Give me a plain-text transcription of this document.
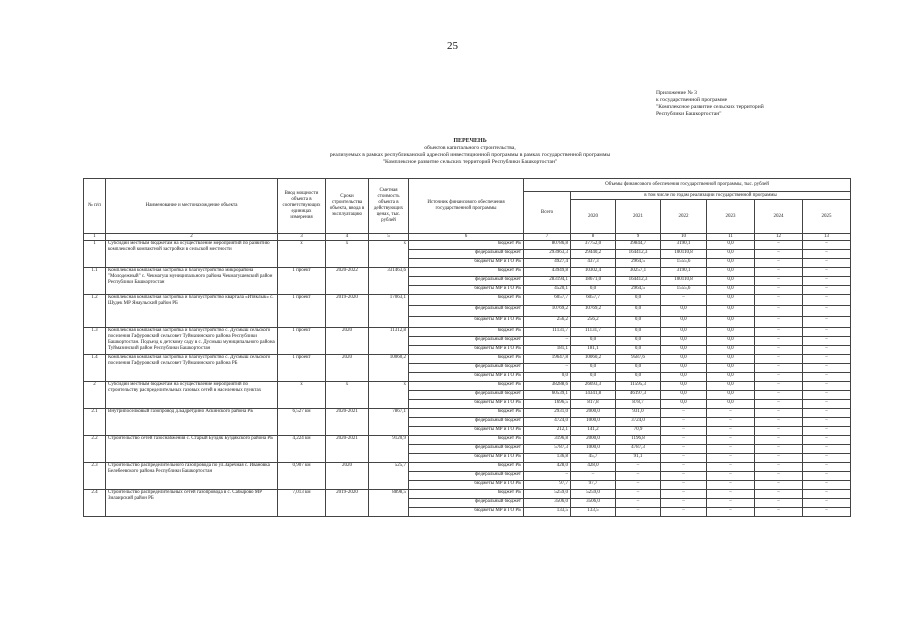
25
Приложение № 3
к государственной программе
"Комплексное развитие сельских территорий
Республики Башкортостан"
ПЕРЕЧЕНЬ
объектов капитального строительства,
реализуемых в рамках республиканской адресной инвестиционной программы в рамках государственной программы
"Комплексное развитие сельских территорий Республики Башкортостан"
№ п/п	Наименование и местонахождение объекта	Ввод мощности объекта в соответствующих единицах измерения	Сроки строительства объекта, ввода в эксплуатацию	Сметная стоимость объекта в действующих ценах, тыс. рублей	Источник финансового обеспечения государственной программы	Объемы финансового обеспечения государственной программы, тыс. рублей						
						Всего	в том числе по годам реализации государственной программы					
							2020	2021	2022	2023	2024	2025
1	2	3	4	5	6	7	8	9	10	11	12	13
1	Субсидии местным бюджетам на осуществление мероприятий по развитию комплексной компактной застройки в сельской местности	х	х	х	бюджет РБ	80786,8	37752,0	39844,7	3190,1	0,0	–	–
					федеральный бюджет	293963,3	29440,2	164412,3	100110,8	0,0	–	–
					бюджеты МР и ГО РБ	4927,4	437,3	2964,5	1555,6	0,0	–	–
1.1	Комплексная компактная застройка и благоустройство микрорайона "Молодежный" с. Чекмагуш муниципального района Чекмагушевский район Республики Башкортостан	1 проект	2020-2022	331463,6	бюджет РБ	43949,8	10302,4	30257,1	3190,1	0,0	–	–
					федеральный бюджет	283194,1	18671,0	164412,3	100110,8	0,0	–	–
					бюджеты МР и ГО РБ	4520,1	0,0	2964,5	1555,6	0,0	–	–
1.2	Комплексная компактная застройка и благоустройство квартала «Итяклык» с. Шудек МР Янаульский район РБ	1 проект	2019-2020	17063,1	бюджет РБ	6057,7	6057,7	0,0	–	0,0	–	–
					федеральный бюджет	10769,2	10769,2	0,0	0,0	0,0	–	–
					бюджеты МР и ГО РБ	256,2	256,2	0,0	0,0	0,0	–	–
1.3	Комплексная компактная застройка и благоустройство с. Дусмыш сельского поселения Гафуровский сельсовет Туймазинского района Республики Башкортостан. Подъезд к детскому саду в с. Дусмыш муниципального района Туймазинский район Республики Башкортостан	1 проект	2020	11312,8	бюджет РБ	11131,7	11131,7	0,0	0,0	0,0	–	–
					федеральный бюджет	–	0,0	0,0	0,0	0,0	–	–
					бюджеты МР и ГО РБ	181,1	181,1	0,0	0,0	0,0	–	–
1.4	Комплексная компактная застройка и благоустройство с. Дусмыш сельского поселения Гафуровский сельсовет Туймазинского района РБ	1 проект	2020	10060,2	бюджет РБ	19647,8	10060,2	9587,6	0,0	0,0	–	–
					федеральный бюджет	–	0,0	0,0	0,0	0,0	–	–
					бюджеты МР и ГО РБ	0,0	0,0	0,0	0,0	0,0	–	–
2	Субсидии местным бюджетам на осуществление мероприятий по строительству распределительных газовых сетей в населенных пунктах	х	х	х	бюджет РБ	38288,6	26693,3	11595,3	0,0	0,0	–	–
					федеральный бюджет	60539,1	14341,8	46197,3	0,0	0,0	–	–
					бюджеты МР и ГО РБ	1696,5	817,8	878,7	0,0	0,0	–	–
2.1	Внутрипоселковый газопровод д.Бадретдино Аскинского района РБ	6,527 км	2020-2021	7867,1	бюджет РБ	2931,0	2000,0	931,0	–	–	–	–
					федеральный бюджет	4724,0	1000,0	3724,0	–	–	–	–
					бюджеты МР и ГО РБ	212,1	141,2	70,9	–	–	–	–
2.2	Строительство сетей газоснабжения с. Старый Буздяк Буздякского района РБ	4,224 км	2020-2021	9120,9	бюджет РБ	3196,8	2000,0	1196,8	–	–	–	–
					федеральный бюджет	5787,3	1000,0	4787,3	–	–	–	–
					бюджеты МР и ГО РБ	136,8	45,7	91,1	–	–	–	–
2.3	Строительство распределительного газопровода по ул.Заречная с. Ивановка Белебеевского района Республики Башкортостан	0,907 км	2020	525,7	бюджет РБ	428,0	428,0	–	–	–	–	–
					федеральный бюджет	–	–	–	–	–	–	–
					бюджеты МР и ГО РБ	97,7	97,7	–	–	–	–	–
2.4	Строительство распределительных сетей газопровода в с. Сабырово МР Зилаирский район РБ	7,013 км	2019-2020	8898,5	бюджет РБ	5259,0	5259,0	–	–	–	–	–
					федеральный бюджет	3506,0	3506,0	–	–	–	–	–
					бюджеты МР и ГО РБ	133,5	133,5	–	–	–	–	–
